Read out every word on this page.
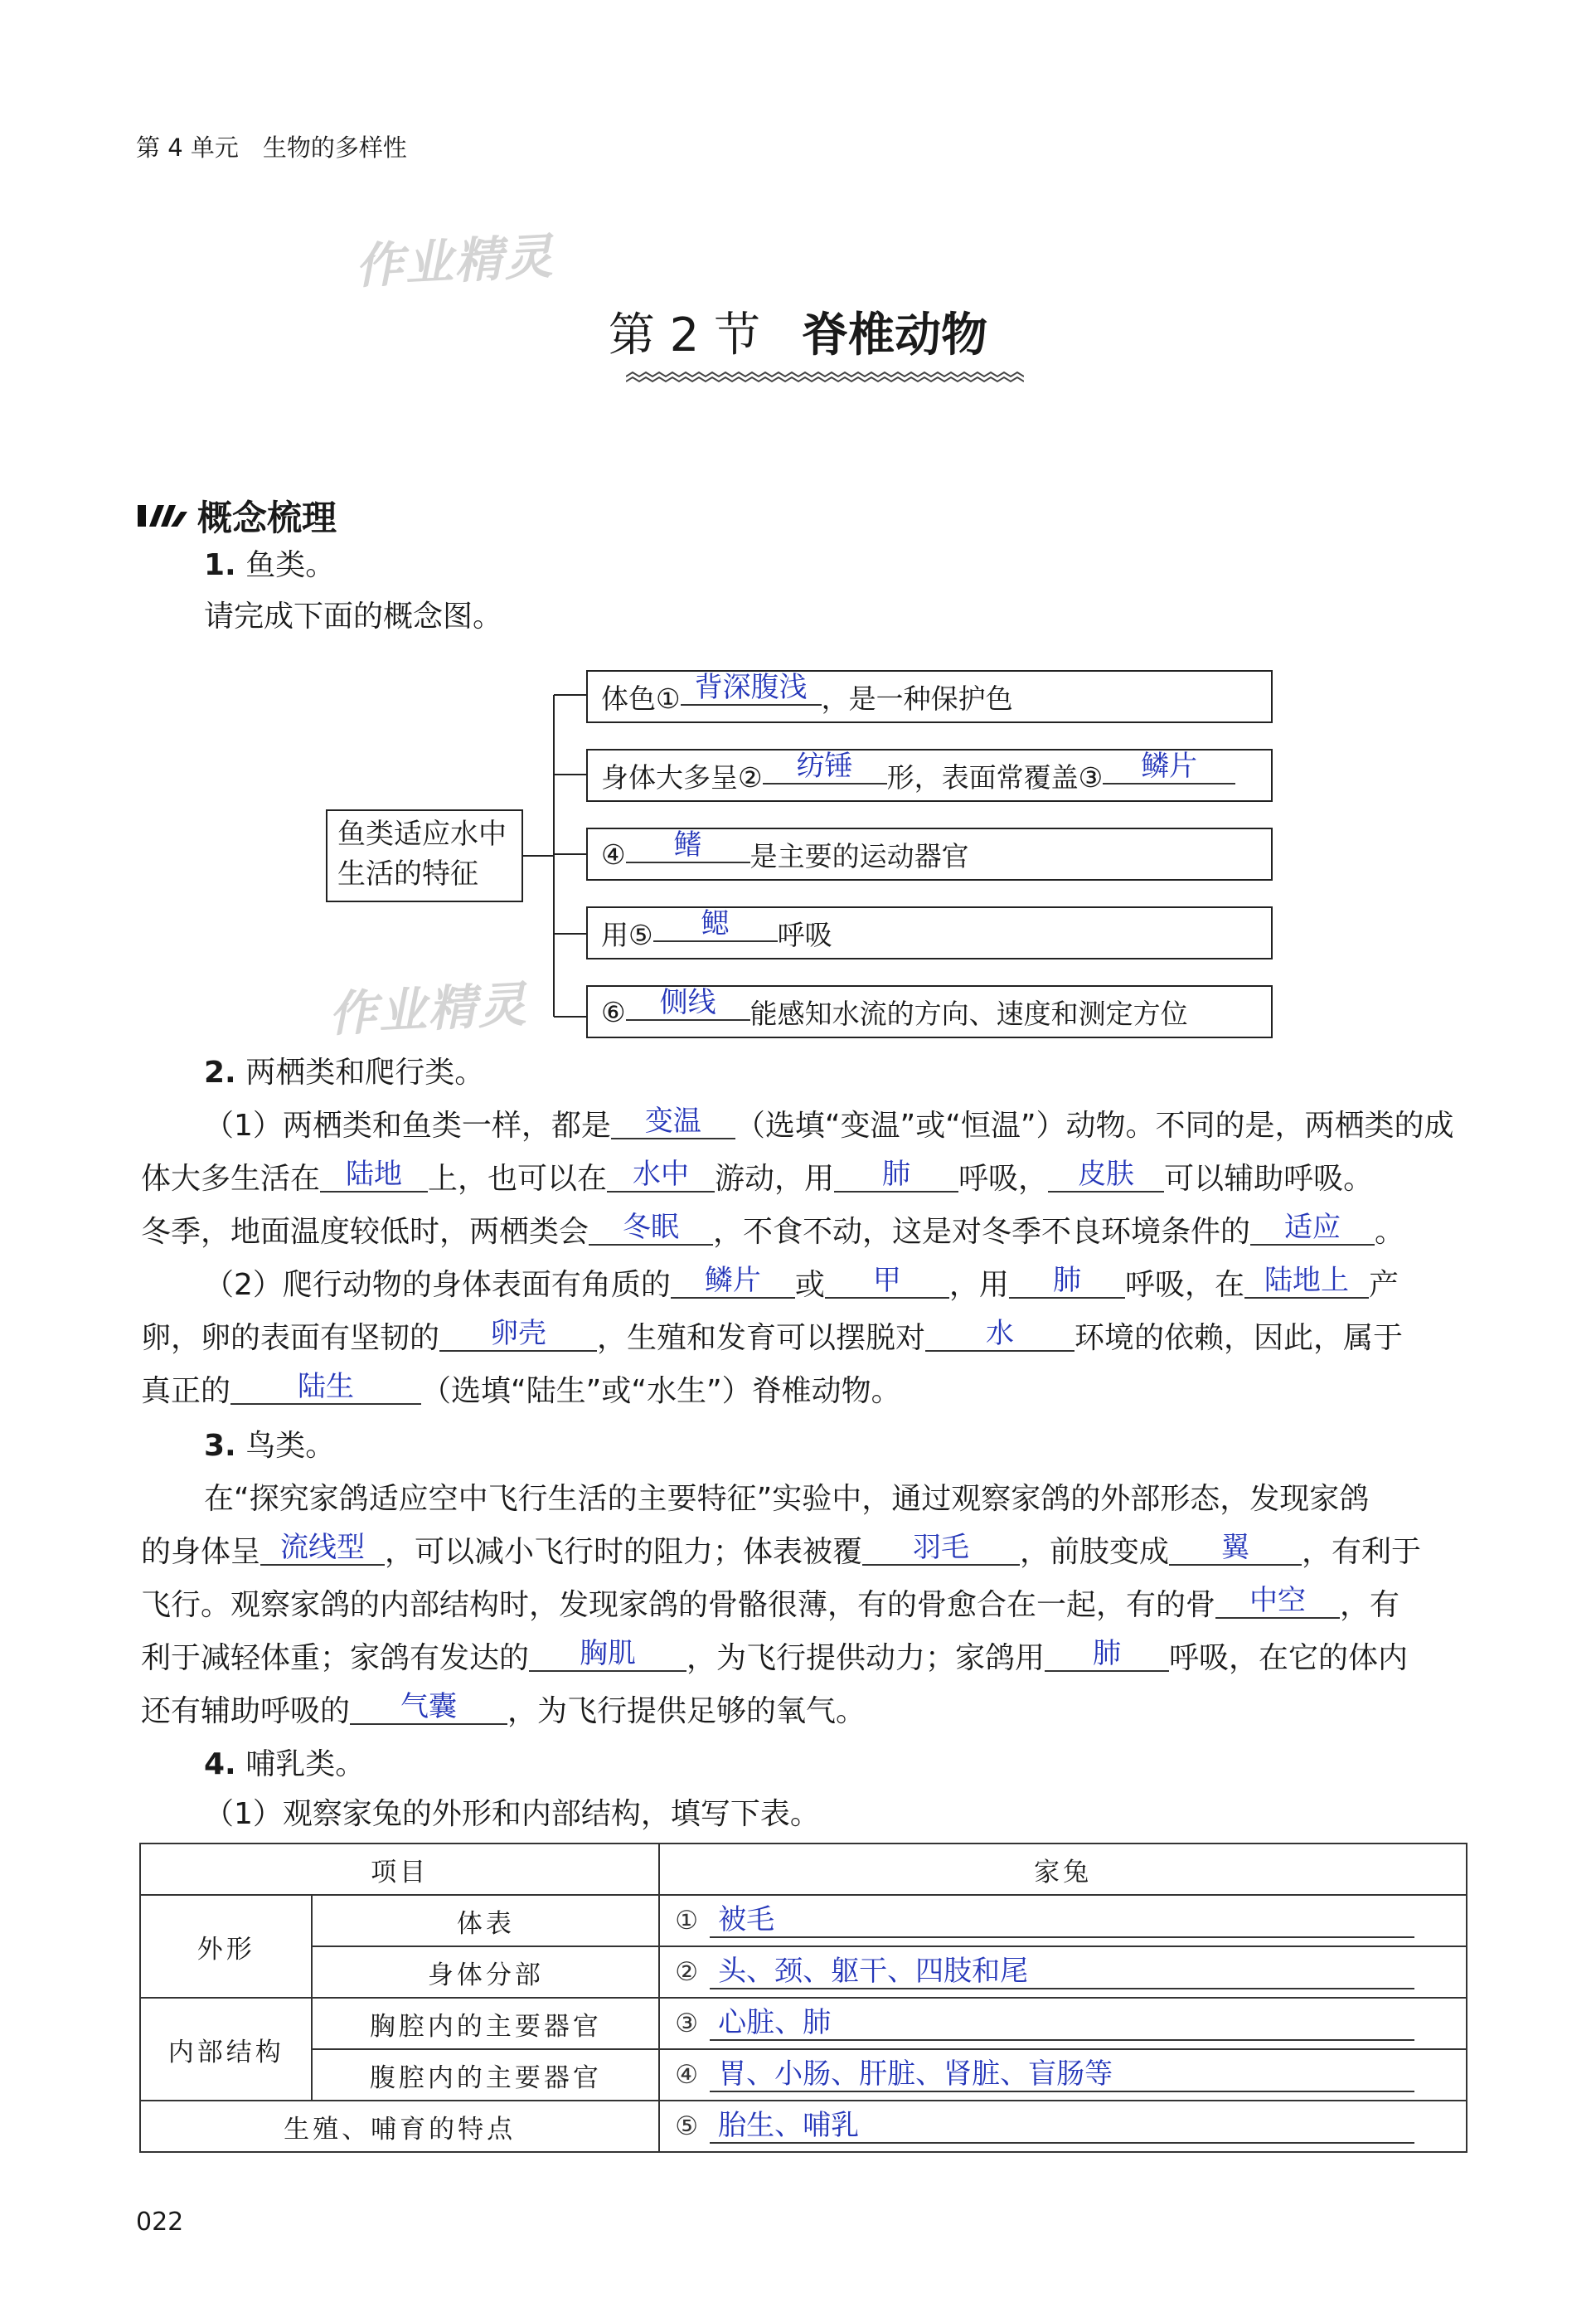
第 4 单元　生物的多样性
作业精灵
作业精灵
第 2 节 脊椎动物
概念梳理
1. 鱼类。
请完成下面的概念图。
鱼类适应水中生活的特征
体色① 背深腹浅 ，是一种保护色
身体大多呈②	纺锤	形，表面常覆盖③	鳞片
④	鳍	是主要的运动器官
用⑤	鳃	呼吸
⑥	侧线	能感知水流的方向、速度和测定方位
2. 两栖类和爬行类。
（1）两栖类和鱼类一样，都是 变温 （选填“变温”或“恒温”）动物。不同的是，两栖类的成
体大多生活在 陆地 上，也可以在 水中 游动，用 肺 呼吸， 皮肤 可以辅助呼吸。
冬季，地面温度较低时，两栖类会 冬眠 ，不食不动，这是对冬季不良环境条件的 适应 。
（2）爬行动物的身体表面有角质的 鳞片 或 甲 ，用 肺 呼吸，在 陆地上 产
卵，卵的表面有坚韧的 卵壳 ，生殖和发育可以摆脱对 水 环境的依赖，因此，属于
真正的 陆生 （选填“陆生”或“水生”）脊椎动物。
3. 鸟类。
在“探究家鸽适应空中飞行生活的主要特征”实验中，通过观察家鸽的外部形态，发现家鸽
的身体呈 流线型 ，可以减小飞行时的阻力；体表被覆 羽毛 ，前肢变成 翼 ，有利于
飞行。观察家鸽的内部结构时，发现家鸽的骨骼很薄，有的骨愈合在一起，有的骨 中空 ，有
利于减轻体重；家鸽有发达的 胸肌 ，为飞行提供动力；家鸽用 肺 呼吸，在它的体内
还有辅助呼吸的 气囊 ，为飞行提供足够的氧气。
4. 哺乳类。
（1）观察家兔的外形和内部结构，填写下表。
项目		家兔
外形	体表	① 被毛
	身体分部	② 头、颈、躯干、四肢和尾
内部结构	胸腔内的主要器官	③ 心脏、肺
	腹腔内的主要器官	④ 胃、小肠、肝脏、肾脏、盲肠等
生殖、哺育的特点		⑤ 胎生、哺乳
022
